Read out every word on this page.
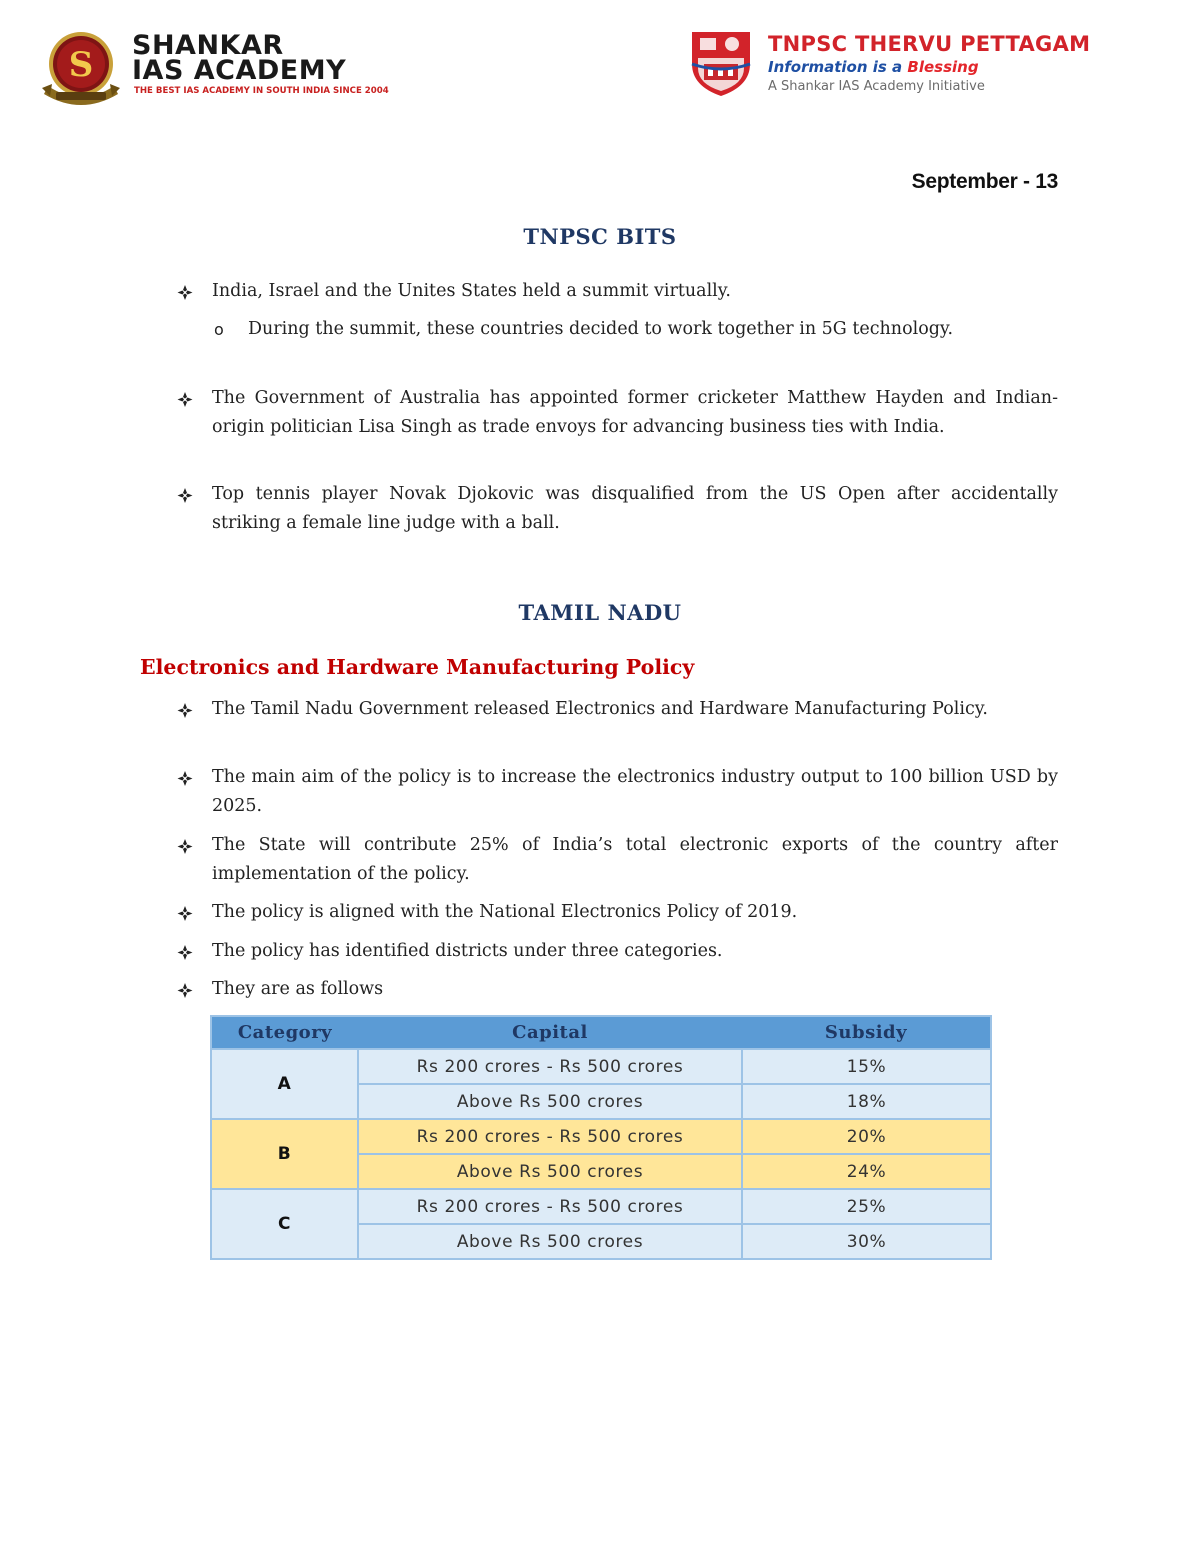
S SHANKAR
IAS ACADEMY
THE BEST IAS ACADEMY IN SOUTH INDIA SINCE 2004
TNPSC THERVU PETTAGAM
Information is a Blessing
A Shankar IAS Academy Initiative
September - 13
TNPSC BITS
India, Israel and the Unites States held a summit virtually.
o During the summit, these countries decided to work together in 5G technology.
The Government of Australia has appointed former cricketer Matthew Hayden and Indian-origin politician Lisa Singh as trade envoys for advancing business ties with India.
Top tennis player Novak Djokovic was disqualified from the US Open after accidentally striking a female line judge with a ball.
TAMIL NADU
Electronics and Hardware Manufacturing Policy
The Tamil Nadu Government released Electronics and Hardware Manufacturing Policy.
The main aim of the policy is to increase the electronics industry output to 100 billion USD by 2025.
The State will contribute 25% of India’s total electronic exports of the country after implementation of the policy.
The policy is aligned with the National Electronics Policy of 2019.
The policy has identified districts under three categories.
They are as follows
Category	Capital	Subsidy
A	Rs 200 crores - Rs 500 crores	15%
	Above Rs 500 crores	18%
B	Rs 200 crores - Rs 500 crores	20%
	Above Rs 500 crores	24%
C	Rs 200 crores - Rs 500 crores	25%
	Above Rs 500 crores	30%
